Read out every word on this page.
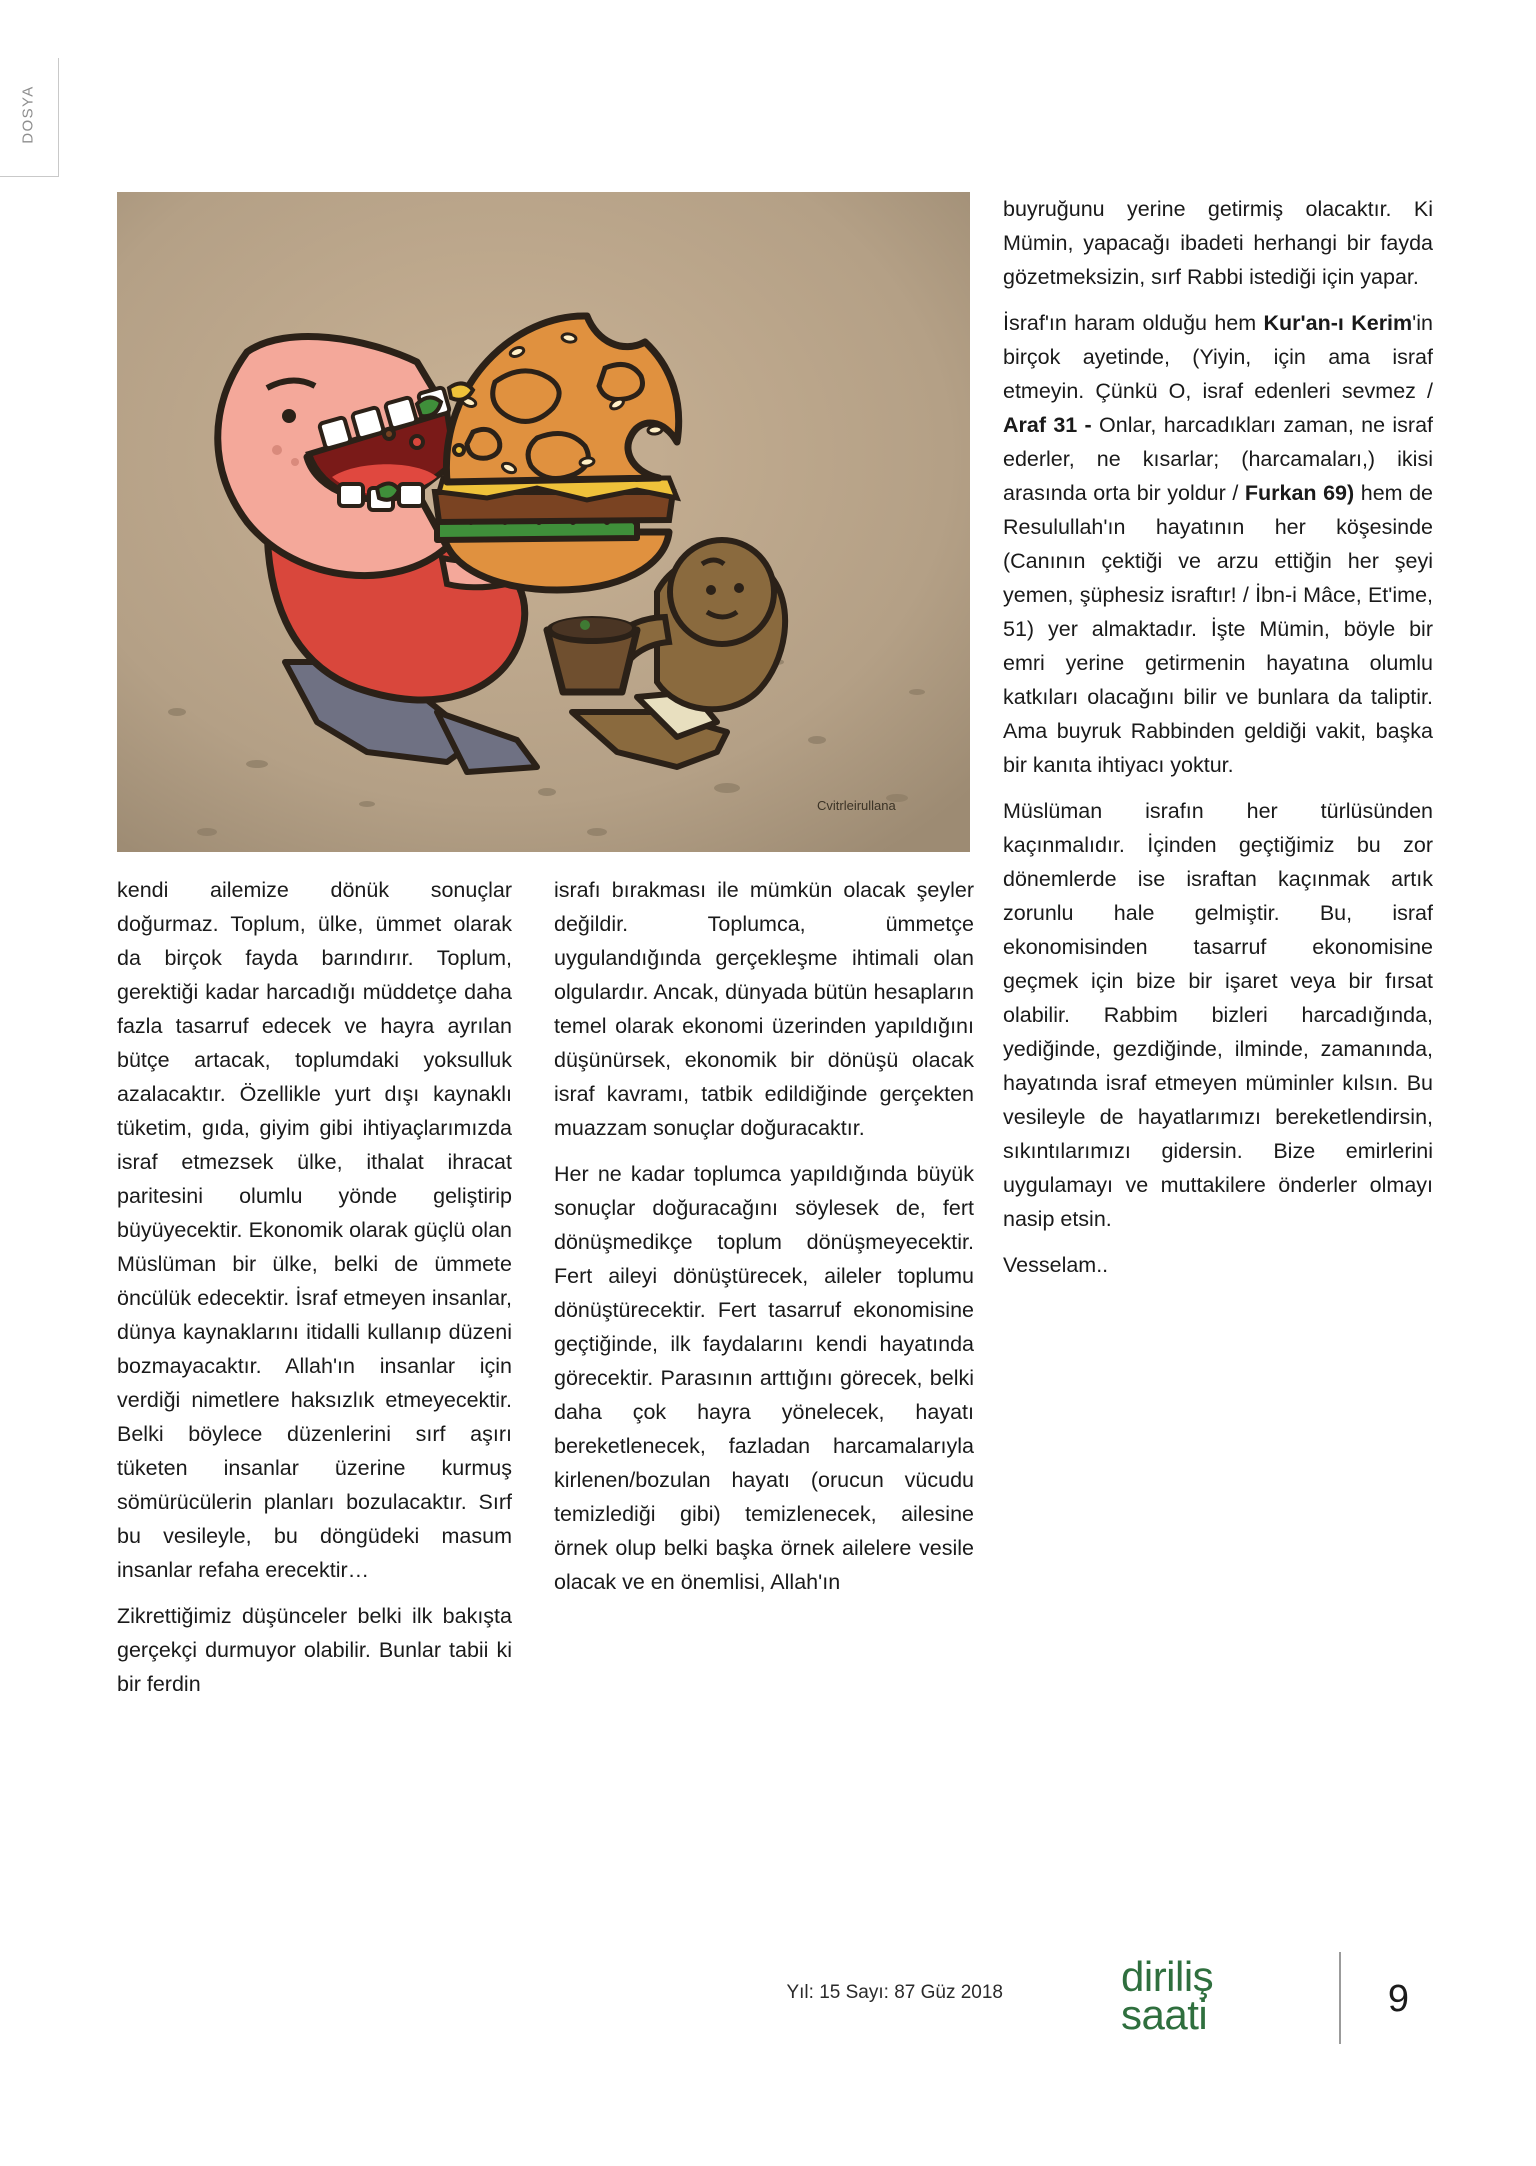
DOSYA
Cvitrleirullana

kendi ailemize dönük sonuçlar doğurmaz. Toplum, ülke, ümmet olarak da birçok fayda barındırır. Toplum, gerektiği kadar harcadığı müddetçe daha fazla tasarruf edecek ve hayra ayrılan bütçe artacak, toplumdaki yoksulluk azalacaktır. Özellikle yurt dışı kaynaklı tüketim, gıda, giyim gibi ihtiyaçlarımızda israf etmezsek ülke, ithalat ihracat paritesini olumlu yönde geliştirip büyüyecektir. Ekonomik olarak güçlü olan Müslüman bir ülke, belki de ümmete öncülük edecektir. İsraf etmeyen insanlar, dünya kaynaklarını itidalli kullanıp düzeni bozmayacaktır. Allah'ın insanlar için verdiği nimetlere haksızlık etmeyecektir. Belki böylece düzenlerini sırf aşırı tüketen insanlar üzerine kurmuş sömürücülerin planları bozulacaktır. Sırf bu vesileyle, bu döngüdeki masum insanlar refaha erecektir…

Zikrettiğimiz düşünceler belki ilk bakışta gerçekçi durmuyor olabilir. Bunlar tabii ki bir ferdin

israfı bırakması ile mümkün olacak şeyler değildir. Toplumca, ümmetçe uygulandığında gerçekleşme ihtimali olan olgulardır. Ancak, dünyada bütün hesapların temel olarak ekonomi üzerinden yapıldığını düşünürsek, ekonomik bir dönüşü olacak israf kavramı, tatbik edildiğinde gerçekten muazzam sonuçlar doğuracaktır.

Her ne kadar toplumca yapıldığında büyük sonuçlar doğuracağını söylesek de, fert dönüşmedikçe toplum dönüşmeyecektir. Fert aileyi dönüştürecek, aileler toplumu dönüştürecektir. Fert tasarruf ekonomisine geçtiğinde, ilk faydalarını kendi hayatında görecektir. Parasının arttığını görecek, belki daha çok hayra yönelecek, hayatı bereketlenecek, fazladan harcamalarıyla kirlenen/bozulan hayatı (orucun vücudu temizlediği gibi) temizlenecek, ailesine örnek olup belki başka örnek ailelere vesile olacak ve en önemlisi, Allah'ın

buyruğunu yerine getirmiş olacaktır. Ki Mümin, yapacağı ibadeti herhangi bir fayda gözetmeksizin, sırf Rabbi istediği için yapar.

İsraf'ın haram olduğu hem Kur'an-ı Kerim'in birçok ayetinde, (Yiyin, için ama israf etmeyin. Çünkü O, israf edenleri sevmez / Araf 31 - Onlar, harcadıkları zaman, ne israf ederler, ne kısarlar; (harcamaları,) ikisi arasında orta bir yoldur / Furkan 69) hem de Resulullah'ın hayatının her köşesinde (Canının çektiği ve arzu ettiğin her şeyi yemen, şüphesiz israftır! / İbn-i Mâce, Et'ime, 51) yer almaktadır. İşte Mümin, böyle bir emri yerine getirmenin hayatına olumlu katkıları olacağını bilir ve bunlara da taliptir. Ama buyruk Rabbinden geldiği vakit, başka bir kanıta ihtiyacı yoktur.

Müslüman israfın her türlüsünden kaçınmalıdır. İçinden geçtiğimiz bu zor dönemlerde ise israftan kaçınmak artık zorunlu hale gelmiştir. Bu, israf ekonomisinden tasarruf ekonomisine geçmek için bize bir işaret veya bir fırsat olabilir. Rabbim bizleri harcadığında, yediğinde, gezdiğinde, ilminde, zamanında, hayatında israf etmeyen müminler kılsın. Bu vesileyle de hayatlarımızı bereketlendirsin, sıkıntılarımızı gidersin. Bize emirlerini uygulamayı ve muttakilere önderler olmayı nasip etsin.

Vesselam..

Yıl: 15 Sayı: 87 Güz 2018	diriliş
saati	9
